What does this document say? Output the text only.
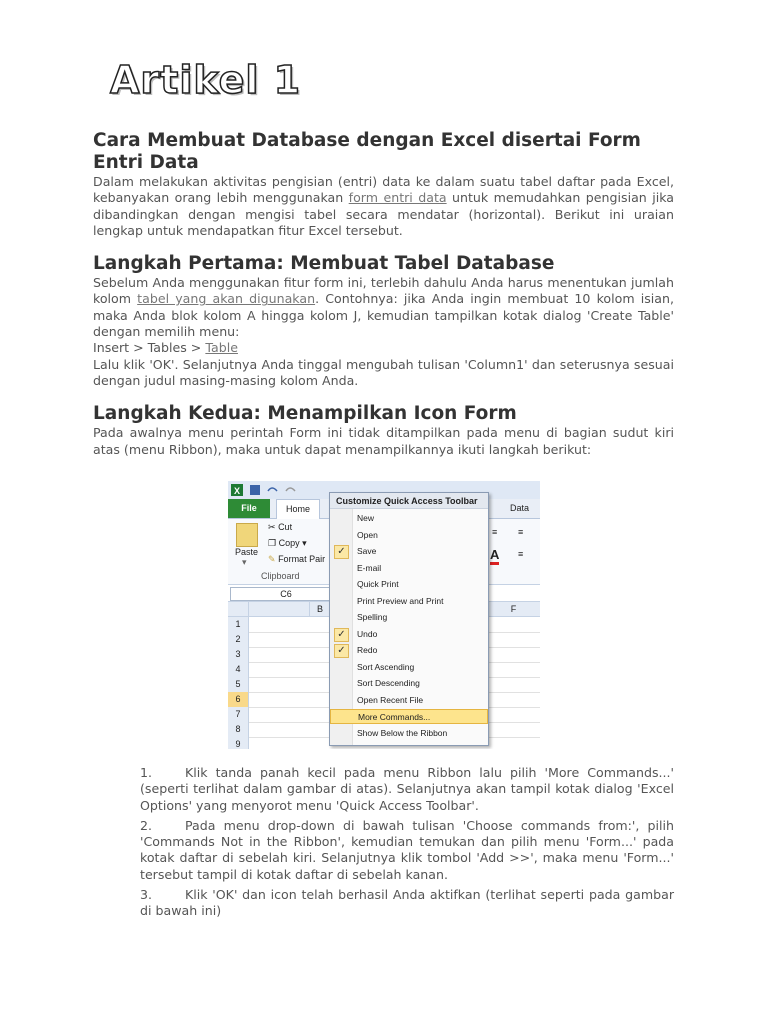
Artikel 1
Cara Membuat Database dengan Excel disertai Form Entri Data

Dalam melakukan aktivitas pengisian (entri) data ke dalam suatu tabel daftar pada Excel, kebanyakan orang lebih menggunakan form entri data untuk memudahkan pengisian jika dibandingkan dengan mengisi tabel secara mendatar (horizontal). Berikut ini uraian lengkap untuk mendapatkan fitur Excel tersebut.

Langkah Pertama: Membuat Tabel Database

Sebelum Anda menggunakan fitur form ini, terlebih dahulu Anda harus menentukan jumlah kolom tabel yang akan digunakan. Contohnya: jika Anda ingin membuat 10 kolom isian, maka Anda blok kolom A hingga kolom J, kemudian tampilkan kotak dialog 'Create Table' dengan memilih menu:

Insert > Tables > Table

Lalu klik 'OK'. Selanjutnya Anda tinggal mengubah tulisan 'Column1' dan seterusnya sesuai dengan judul masing-masing kolom Anda.

Langkah Kedua: Menampilkan Icon Form

Pada awalnya menu perintah Form ini tidak ditampilkan pada menu di bagian sudut kiri atas (menu Ribbon), maka untuk dapat menampilkannya ikuti langkah berikut:

X
File	Home	Data
Paste
▾
✂ Cut
❐ Copy ▾
✎ Format Pair
Clipboard
≡ ≡
A ≡
C6
B	F
1
2
3
4
5
6
7
8
9
Customize Quick Access Toolbar
New
Open
✓	Save
E-mail
Quick Print
Print Preview and Print
Spelling
✓	Undo
✓	Redo
Sort Ascending
Sort Descending
Open Recent File
More Commands...
Show Below the Ribbon

1.	Klik tanda panah kecil pada menu Ribbon lalu pilih 'More Commands...' (seperti terlihat dalam gambar di atas). Selanjutnya akan tampil kotak dialog 'Excel Options' yang menyorot menu 'Quick Access Toolbar'.

2.	Pada menu drop-down di bawah tulisan 'Choose commands from:', pilih 'Commands Not in the Ribbon', kemudian temukan dan pilih menu 'Form...' pada kotak daftar di sebelah kiri. Selanjutnya klik tombol 'Add >>', maka menu 'Form...' tersebut tampil di kotak daftar di sebelah kanan.

3.	Klik 'OK' dan icon telah berhasil Anda aktifkan (terlihat seperti pada gambar di bawah ini)
